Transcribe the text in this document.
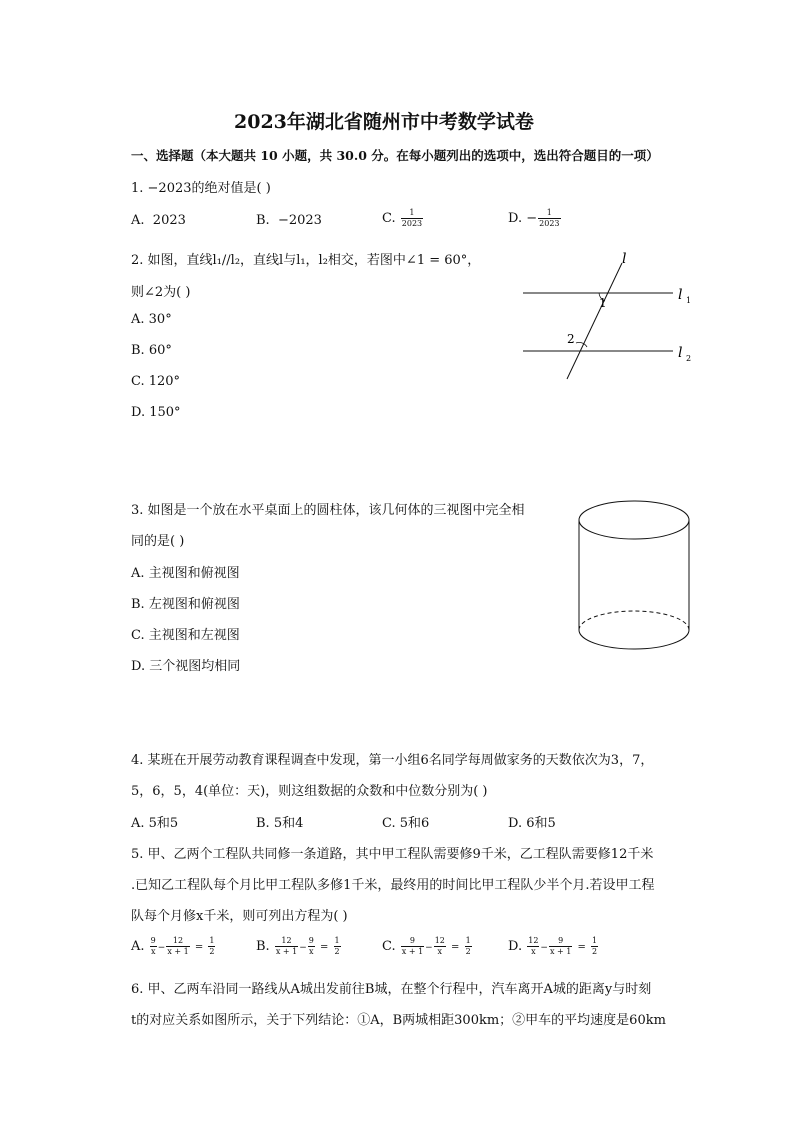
2023年湖北省随州市中考数学试卷
一、选择题（本大题共 10 小题，共 30.0 分。在每小题列出的选项中，选出符合题目的一项）
1. −2023的绝对值是( )
A. 2023	B. −2023	C. $\frac{1}{2023}$	D. − $\frac{1}{2023}$
2. 如图，直线l₁//l₂，直线l与l₁，l₂相交，若图中∠1 = 60°，
则∠2为( )
A. 30°
B. 60°
C. 120°
D. 150°
l
l 1
l 2
1
2
3. 如图是一个放在水平桌面上的圆柱体，该几何体的三视图中完全相
同的是( )
A. 主视图和俯视图
B. 左视图和俯视图
C. 主视图和左视图
D. 三个视图均相同
4. 某班在开展劳动教育课程调查中发现，第一小组6名同学每周做家务的天数依次为3，7，
5，6，5，4(单位：天)，则这组数据的众数和中位数分别为( )
A. 5和5	B. 5和4	C. 5和6	D. 6和5
5. 甲、乙两个工程队共同修一条道路，其中甲工程队需要修9千米，乙工程队需要修12千米
.已知乙工程队每个月比甲工程队多修1千米，最终用的时间比甲工程队少半个月.若设甲工程
队每个月修x千米，则可列出方程为( )
A. $\frac{9}{x} - \frac{12}{x + 1} = \frac{1}{2}$	B. $\frac{12}{x + 1} - \frac{9}{x} = \frac{1}{2}$	C. $\frac{9}{x + 1} - \frac{12}{x} = \frac{1}{2}$	D. $\frac{12}{x} - \frac{9}{x + 1} = \frac{1}{2}$
6. 甲、乙两车沿同一路线从A城出发前往B城，在整个行程中，汽车离开A城的距离y与时刻
t的对应关系如图所示，关于下列结论：①A，B两城相距300km；②甲车的平均速度是60km
